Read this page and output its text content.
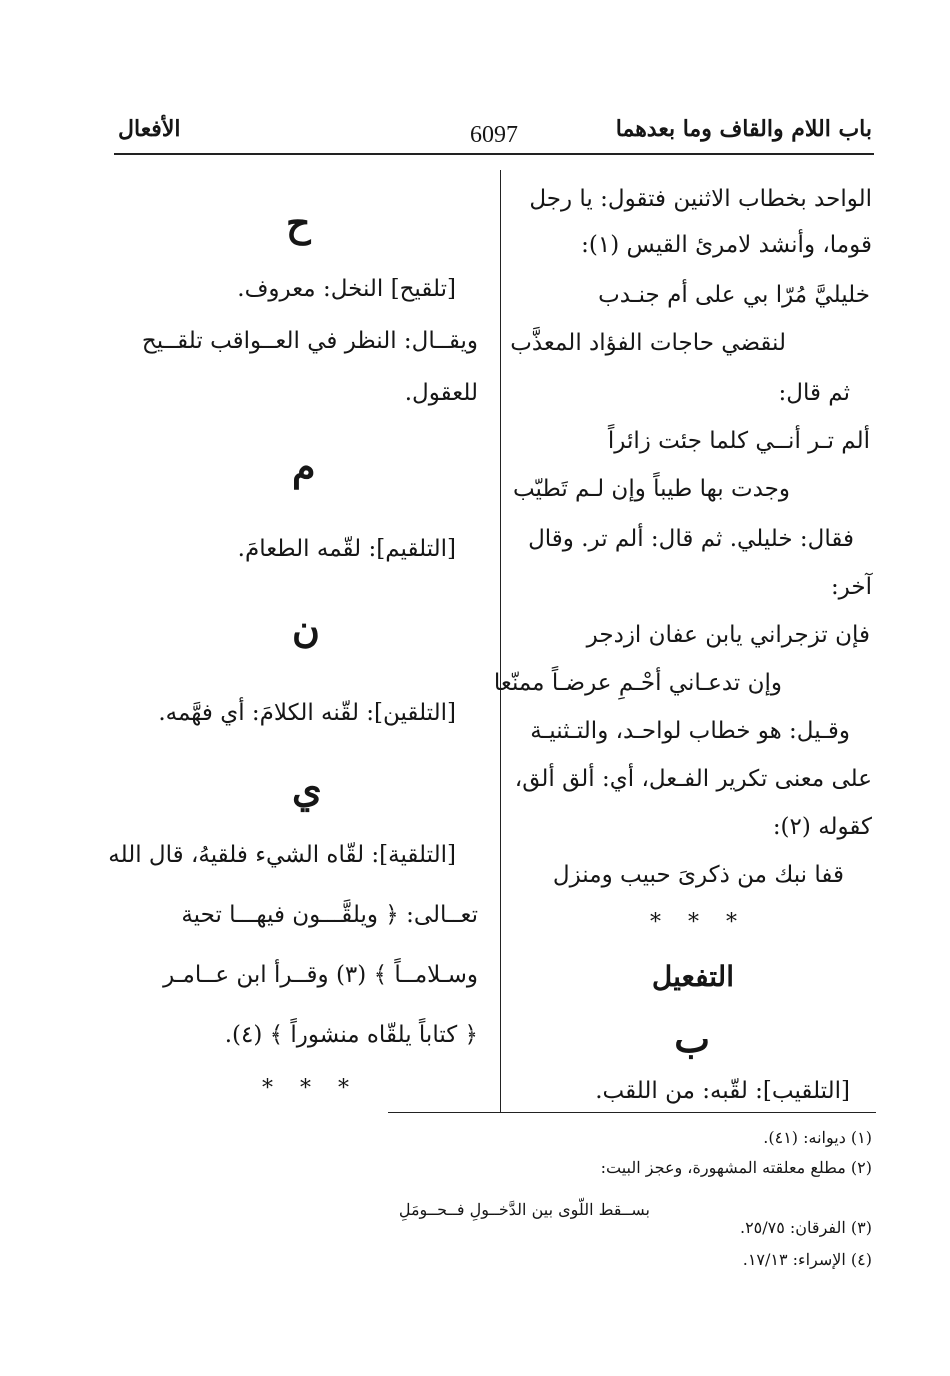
باب اللام والقاف وما بعدهما
6097
الأفعال
الواحد بخطاب الاثنين فتقول: يا رجل
قوما، وأنشد لامرئ القيس (١):
خليليَّ مُرّا بي على أم جنـدب
لنقضي حاجات الفؤاد المعذَّب
ثم قال:
ألم تـر أنــي كلما جئت زائراً
وجدت بها طيباً وإن لـم تَطيّب
فقال: خليلي. ثم قال: ألم تر. وقال
آخر:
فإن تزجراني يابن عفان ازدجر
وإن تدعـاني أحْـمِ عرضـاً ممنّعا
وقـيل: هو خطاب لواحـد، والتـثنيـة
على معنى تكرير الفـعل، أي: ألق ألق،
كقوله (٢):
قفا نبك من ذكرىَ حبيب ومنزل
* * *
التفعيل
ب
[التلقيب]: لقّبه: من اللقب.
ح
[تلقيح] النخل: معروف.
ويقــال: النظر في العــواقب تلقــيح
للعقول.
م
[التلقيم]: لقّمه الطعامَ.
ن
[التلقين]: لقّنه الكلامَ: أي فهَّمه.
ي
[التلقية]: لقّاه الشيء فلقيهُ، قال الله
تعــالى: ﴿ ويلقَّـــون فيهـــا تحية
وسـلامــاً ﴾ (٣) وقــرأ ابن عــامـر
﴿ كتاباً يلقّاه منشوراً ﴾ (٤).
* * *
(١) ديوانه: (٤١).
(٢) مطلع معلقته المشهورة، وعجز البيت:
بســقط اللّوى بين الدَّخــولِ فــحــومَلِ
(٣) الفرقان: ٢٥/٧٥.
(٤) الإسراء: ١٧/١٣.
